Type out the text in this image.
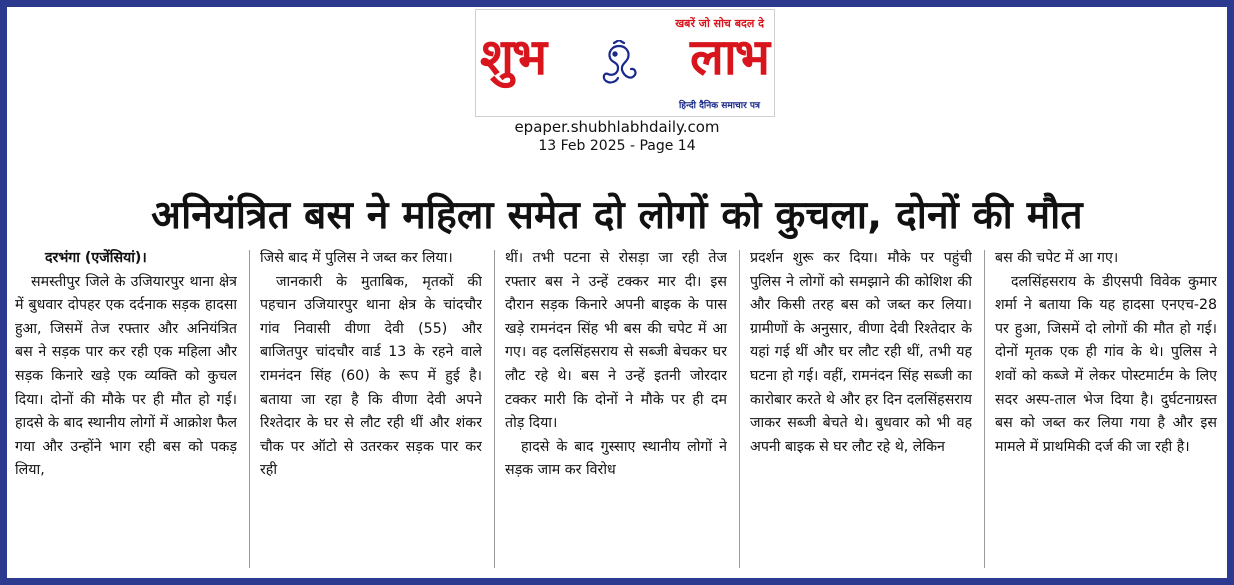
खबरें जो सोच बदल दे
शुभ	लाभ
हिन्दी दैनिक समाचार पत्र
epaper.shubhlabhdaily.com
13 Feb 2025 - Page 14
अनियंत्रित बस ने महिला समेत दो लोगों को कुचला, दोनों की मौत

दरभंगा (एजेंसियां)।

समस्तीपुर जिले के उजियारपुर थाना क्षेत्र में बुधवार दोपहर एक दर्दनाक सड़क हादसा हुआ, जिसमें तेज रफ्तार और अनियंत्रित बस ने सड़क पार कर रही एक महिला और सड़क किनारे खड़े एक व्यक्ति को कुचल दिया। दोनों की मौके पर ही मौत हो गई। हादसे के बाद स्थानीय लोगों में आक्रोश फैल गया और उन्होंने भाग रही बस को पकड़ लिया,

जिसे बाद में पुलिस ने जब्त कर लिया।

जानकारी के मुताबिक, मृतकों की पहचान उजियारपुर थाना क्षेत्र के चांदचौर गांव निवासी वीणा देवी (55) और बाजितपुर चांदचौर वार्ड 13 के रहने वाले रामनंदन सिंह (60) के रूप में हुई है। बताया जा रहा है कि वीणा देवी अपने रिश्तेदार के घर से लौट रही थीं और शंकर चौक पर ऑटो से उतरकर सड़क पार कर रही

थीं। तभी पटना से रोसड़ा जा रही तेज रफ्तार बस ने उन्हें टक्कर मार दी। इस दौरान सड़क किनारे अपनी बाइक के पास खड़े रामनंदन सिंह भी बस की चपेट में आ गए। वह दलसिंहसराय से सब्जी बेचकर घर लौट रहे थे। बस ने उन्हें इतनी जोरदार टक्कर मारी कि दोनों ने मौके पर ही दम तोड़ दिया।

हादसे के बाद गुस्साए स्थानीय लोगों ने सड़क जाम कर विरोध

प्रदर्शन शुरू कर दिया। मौके पर पहुंची पुलिस ने लोगों को समझाने की कोशिश की और किसी तरह बस को जब्त कर लिया। ग्रामीणों के अनुसार, वीणा देवी रिश्तेदार के यहां गई थीं और घर लौट रही थीं, तभी यह घटना हो गई। वहीं, रामनंदन सिंह सब्जी का कारोबार करते थे और हर दिन दलसिंहसराय जाकर सब्जी बेचते थे। बुधवार को भी वह अपनी बाइक से घर लौट रहे थे, लेकिन

बस की चपेट में आ गए।

दलसिंहसराय के डीएसपी विवेक कुमार शर्मा ने बताया कि यह हादसा एनएच-28 पर हुआ, जिसमें दो लोगों की मौत हो गई। दोनों मृतक एक ही गांव के थे। पुलिस ने शवों को कब्जे में लेकर पोस्टमार्टम के लिए सदर अस्प-ताल भेज दिया है। दुर्घटनाग्रस्त बस को जब्त कर लिया गया है और इस मामले में प्राथमिकी दर्ज की जा रही है।
